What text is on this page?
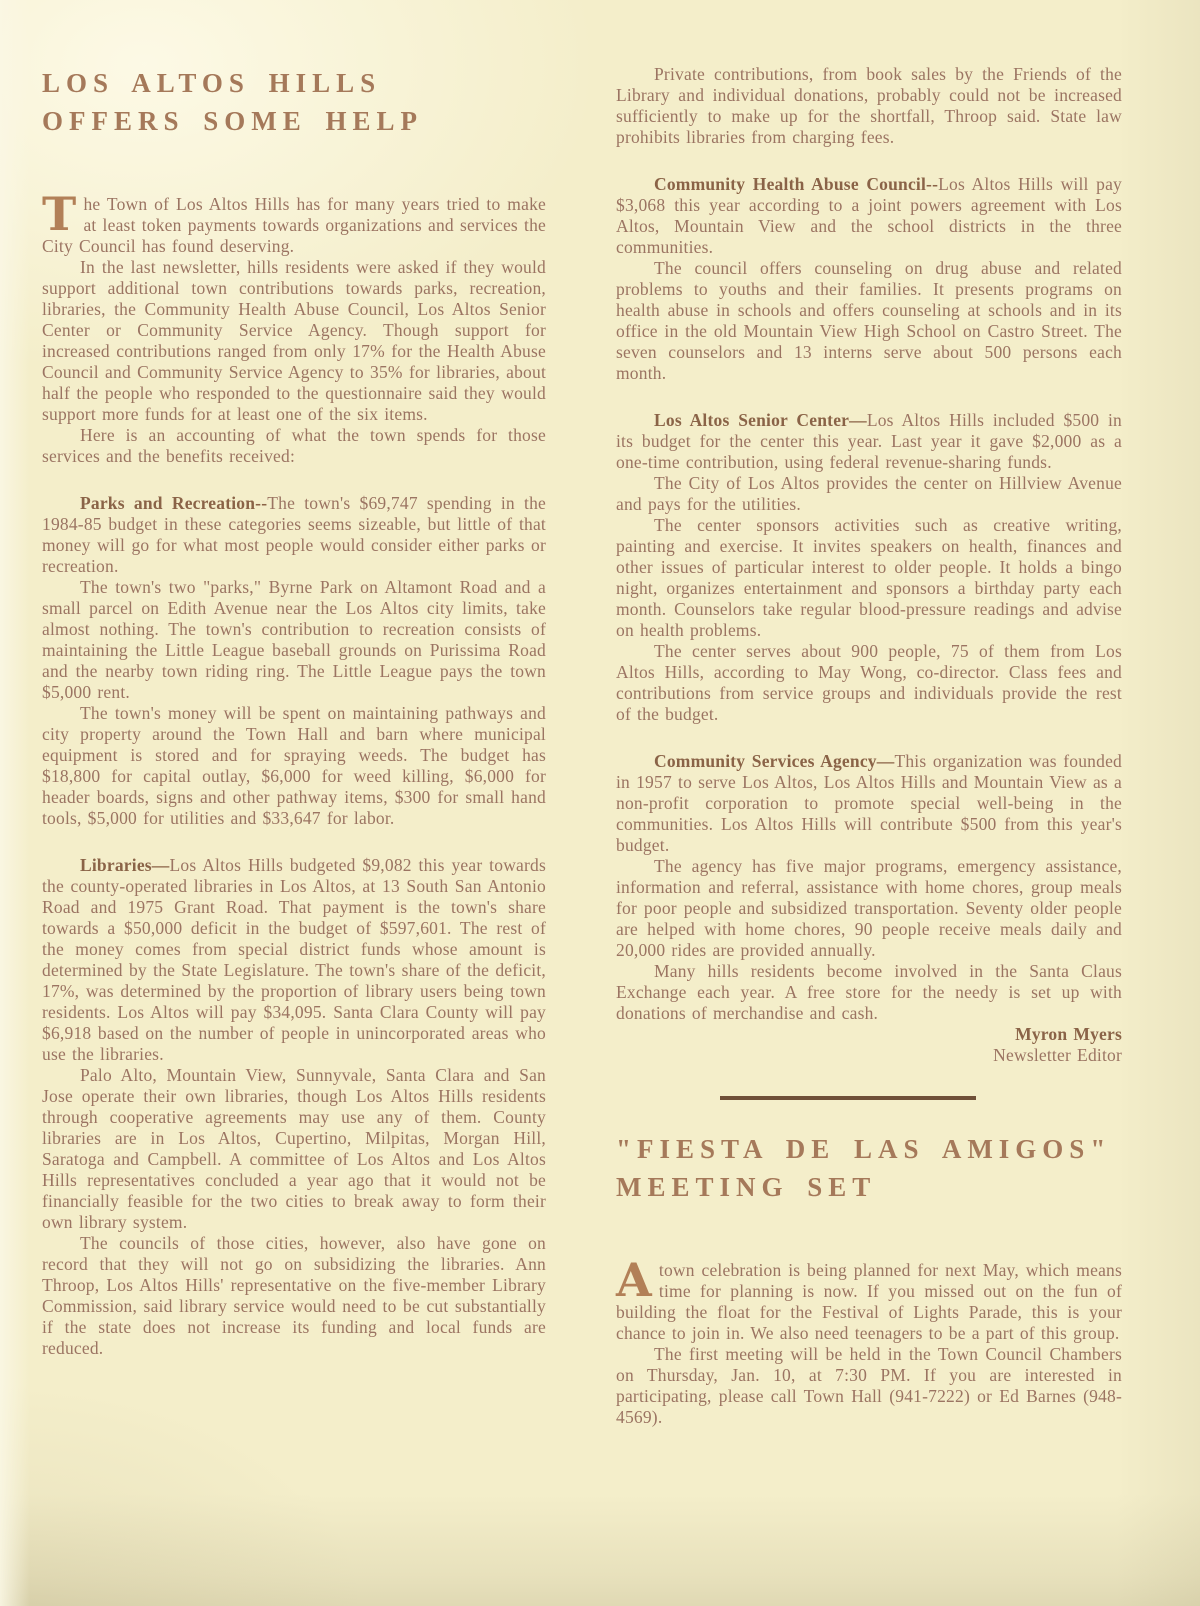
LOS ALTOS HILLS
OFFERS SOME HELP

The Town of Los Altos Hills has for many years tried to make at least token payments towards organizations and services the City Council has found deserving.

In the last newsletter, hills residents were asked if they would support additional town contributions towards parks, recreation, libraries, the Community Health Abuse Council, Los Altos Senior Center or Community Service Agency. Though support for increased contributions ranged from only 17% for the Health Abuse Council and Community Service Agency to 35% for libraries, about half the people who responded to the questionnaire said they would support more funds for at least one of the six items.

Here is an accounting of what the town spends for those services and the benefits received:

Parks and Recreation--The town's $69,747 spending in the 1984-85 budget in these categories seems sizeable, but little of that money will go for what most people would consider either parks or recreation.

The town's two "parks," Byrne Park on Altamont Road and a small parcel on Edith Avenue near the Los Altos city limits, take almost nothing. The town's contribution to recreation consists of maintaining the Little League baseball grounds on Purissima Road and the nearby town riding ring. The Little League pays the town $5,000 rent.

The town's money will be spent on maintaining pathways and city property around the Town Hall and barn where municipal equipment is stored and for spraying weeds. The budget has $18,800 for capital outlay, $6,000 for weed killing, $6,000 for header boards, signs and other pathway items, $300 for small hand tools, $5,000 for utilities and $33,647 for labor.

Libraries—Los Altos Hills budgeted $9,082 this year towards the county-operated libraries in Los Altos, at 13 South San Antonio Road and 1975 Grant Road. That payment is the town's share towards a $50,000 deficit in the budget of $597,601. The rest of the money comes from special district funds whose amount is determined by the State Legislature. The town's share of the deficit, 17%, was determined by the proportion of library users being town residents. Los Altos will pay $34,095. Santa Clara County will pay $6,918 based on the number of people in unincorporated areas who use the libraries.

Palo Alto, Mountain View, Sunnyvale, Santa Clara and San Jose operate their own libraries, though Los Altos Hills residents through cooperative agreements may use any of them. County libraries are in Los Altos, Cupertino, Milpitas, Morgan Hill, Saratoga and Campbell. A committee of Los Altos and Los Altos Hills representatives concluded a year ago that it would not be financially feasible for the two cities to break away to form their own library system.

The councils of those cities, however, also have gone on record that they will not go on subsidizing the libraries. Ann Throop, Los Altos Hills' representative on the five-member Library Commission, said library service would need to be cut substantially if the state does not increase its funding and local funds are reduced.

Private contributions, from book sales by the Friends of the Library and individual donations, probably could not be increased sufficiently to make up for the shortfall, Throop said. State law prohibits libraries from charging fees.

Community Health Abuse Council--Los Altos Hills will pay $3,068 this year according to a joint powers agreement with Los Altos, Mountain View and the school districts in the three communities.

The council offers counseling on drug abuse and related problems to youths and their families. It presents programs on health abuse in schools and offers counseling at schools and in its office in the old Mountain View High School on Castro Street. The seven counselors and 13 interns serve about 500 persons each month.

Los Altos Senior Center—Los Altos Hills included $500 in its budget for the center this year. Last year it gave $2,000 as a one-time contribution, using federal revenue-sharing funds.

The City of Los Altos provides the center on Hillview Avenue and pays for the utilities.

The center sponsors activities such as creative writing, painting and exercise. It invites speakers on health, finances and other issues of particular interest to older people. It holds a bingo night, organizes entertainment and sponsors a birthday party each month. Counselors take regular blood-pressure readings and advise on health problems.

The center serves about 900 people, 75 of them from Los Altos Hills, according to May Wong, co-director. Class fees and contributions from service groups and individuals provide the rest of the budget.

Community Services Agency—This organization was founded in 1957 to serve Los Altos, Los Altos Hills and Mountain View as a non-profit corporation to promote special well-being in the communities. Los Altos Hills will contribute $500 from this year's budget.

The agency has five major programs, emergency assistance, information and referral, assistance with home chores, group meals for poor people and subsidized transportation. Seventy older people are helped with home chores, 90 people receive meals daily and 20,000 rides are provided annually.

Many hills residents become involved in the Santa Claus Exchange each year. A free store for the needy is set up with donations of merchandise and cash.

Myron Myers
Newsletter Editor

"FIESTA DE LAS AMIGOS"
MEETING SET

Atown celebration is being planned for next May, which means time for planning is now. If you missed out on the fun of building the float for the Festival of Lights Parade, this is your chance to join in. We also need teenagers to be a part of this group.

The first meeting will be held in the Town Council Chambers on Thursday, Jan. 10, at 7:30 PM. If you are interested in participating, please call Town Hall (941-7222) or Ed Barnes (948-4569).
